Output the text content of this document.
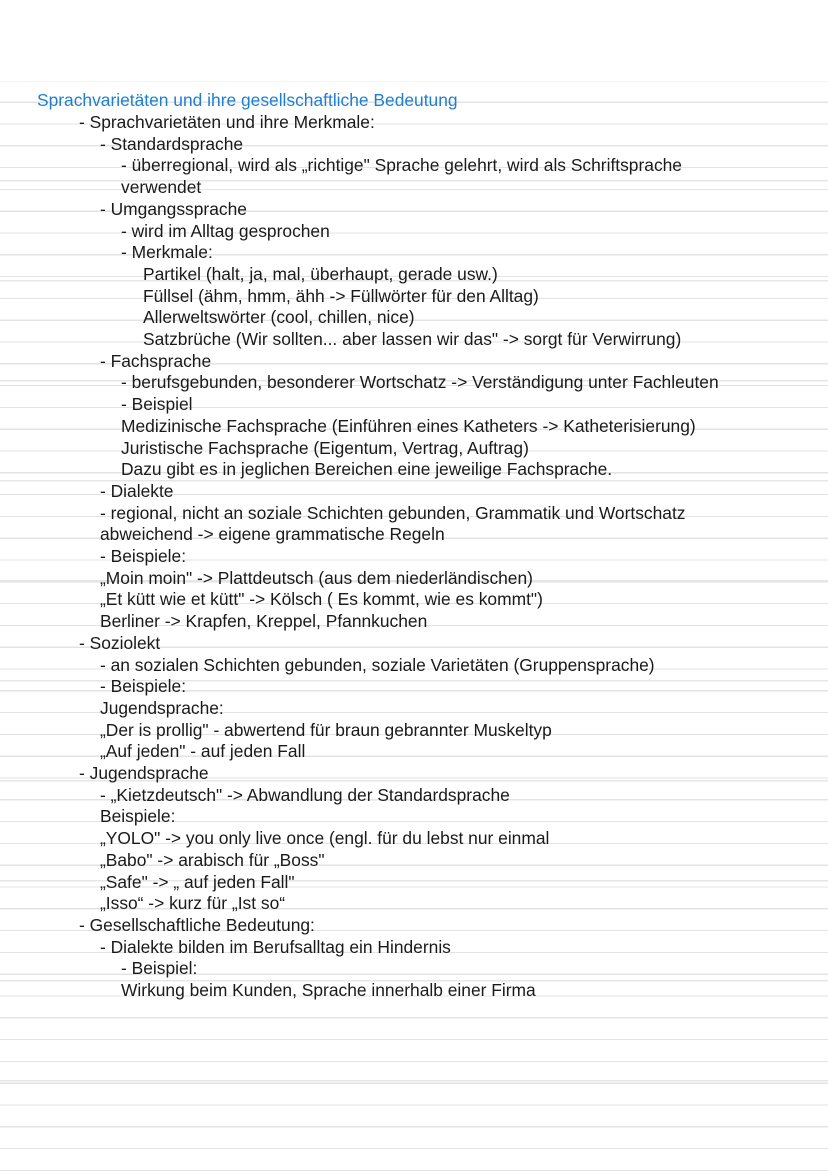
Sprachvarietäten und ihre gesellschaftliche Bedeutung
- Sprachvarietäten und ihre Merkmale:
- Standardsprache
- überregional, wird als „richtige" Sprache gelehrt, wird als Schriftsprache
verwendet
- Umgangssprache
- wird im Alltag gesprochen
- Merkmale:
Partikel (halt, ja, mal, überhaupt, gerade usw.)
Füllsel (ähm, hmm, ähh -> Füllwörter für den Alltag)
Allerweltswörter (cool, chillen, nice)
Satzbrüche (Wir sollten... aber lassen wir das" -> sorgt für Verwirrung)
- Fachsprache
- berufsgebunden, besonderer Wortschatz -> Verständigung unter Fachleuten
- Beispiel
Medizinische Fachsprache (Einführen eines Katheters -> Katheterisierung)
Juristische Fachsprache (Eigentum, Vertrag, Auftrag)
Dazu gibt es in jeglichen Bereichen eine jeweilige Fachsprache.
- Dialekte
- regional, nicht an soziale Schichten gebunden, Grammatik und Wortschatz
abweichend -> eigene grammatische Regeln
- Beispiele:
„Moin moin" -> Plattdeutsch (aus dem niederländischen)
„Et kütt wie et kütt" -> Kölsch ( Es kommt, wie es kommt")
Berliner -> Krapfen, Kreppel, Pfannkuchen
- Soziolekt
- an sozialen Schichten gebunden, soziale Varietäten (Gruppensprache)
- Beispiele:
Jugendsprache:
„Der is prollig" - abwertend für braun gebrannter Muskeltyp
„Auf jeden" - auf jeden Fall
- Jugendsprache
- „Kietzdeutsch" -> Abwandlung der Standardsprache
Beispiele:
„YOLO" -> you only live once (engl. für du lebst nur einmal
„Babo" -> arabisch für „Boss"
„Safe" -> „ auf jeden Fall"
„Isso“ -> kurz für „Ist so“
- Gesellschaftliche Bedeutung:
- Dialekte bilden im Berufsalltag ein Hindernis
- Beispiel:
Wirkung beim Kunden, Sprache innerhalb einer Firma
